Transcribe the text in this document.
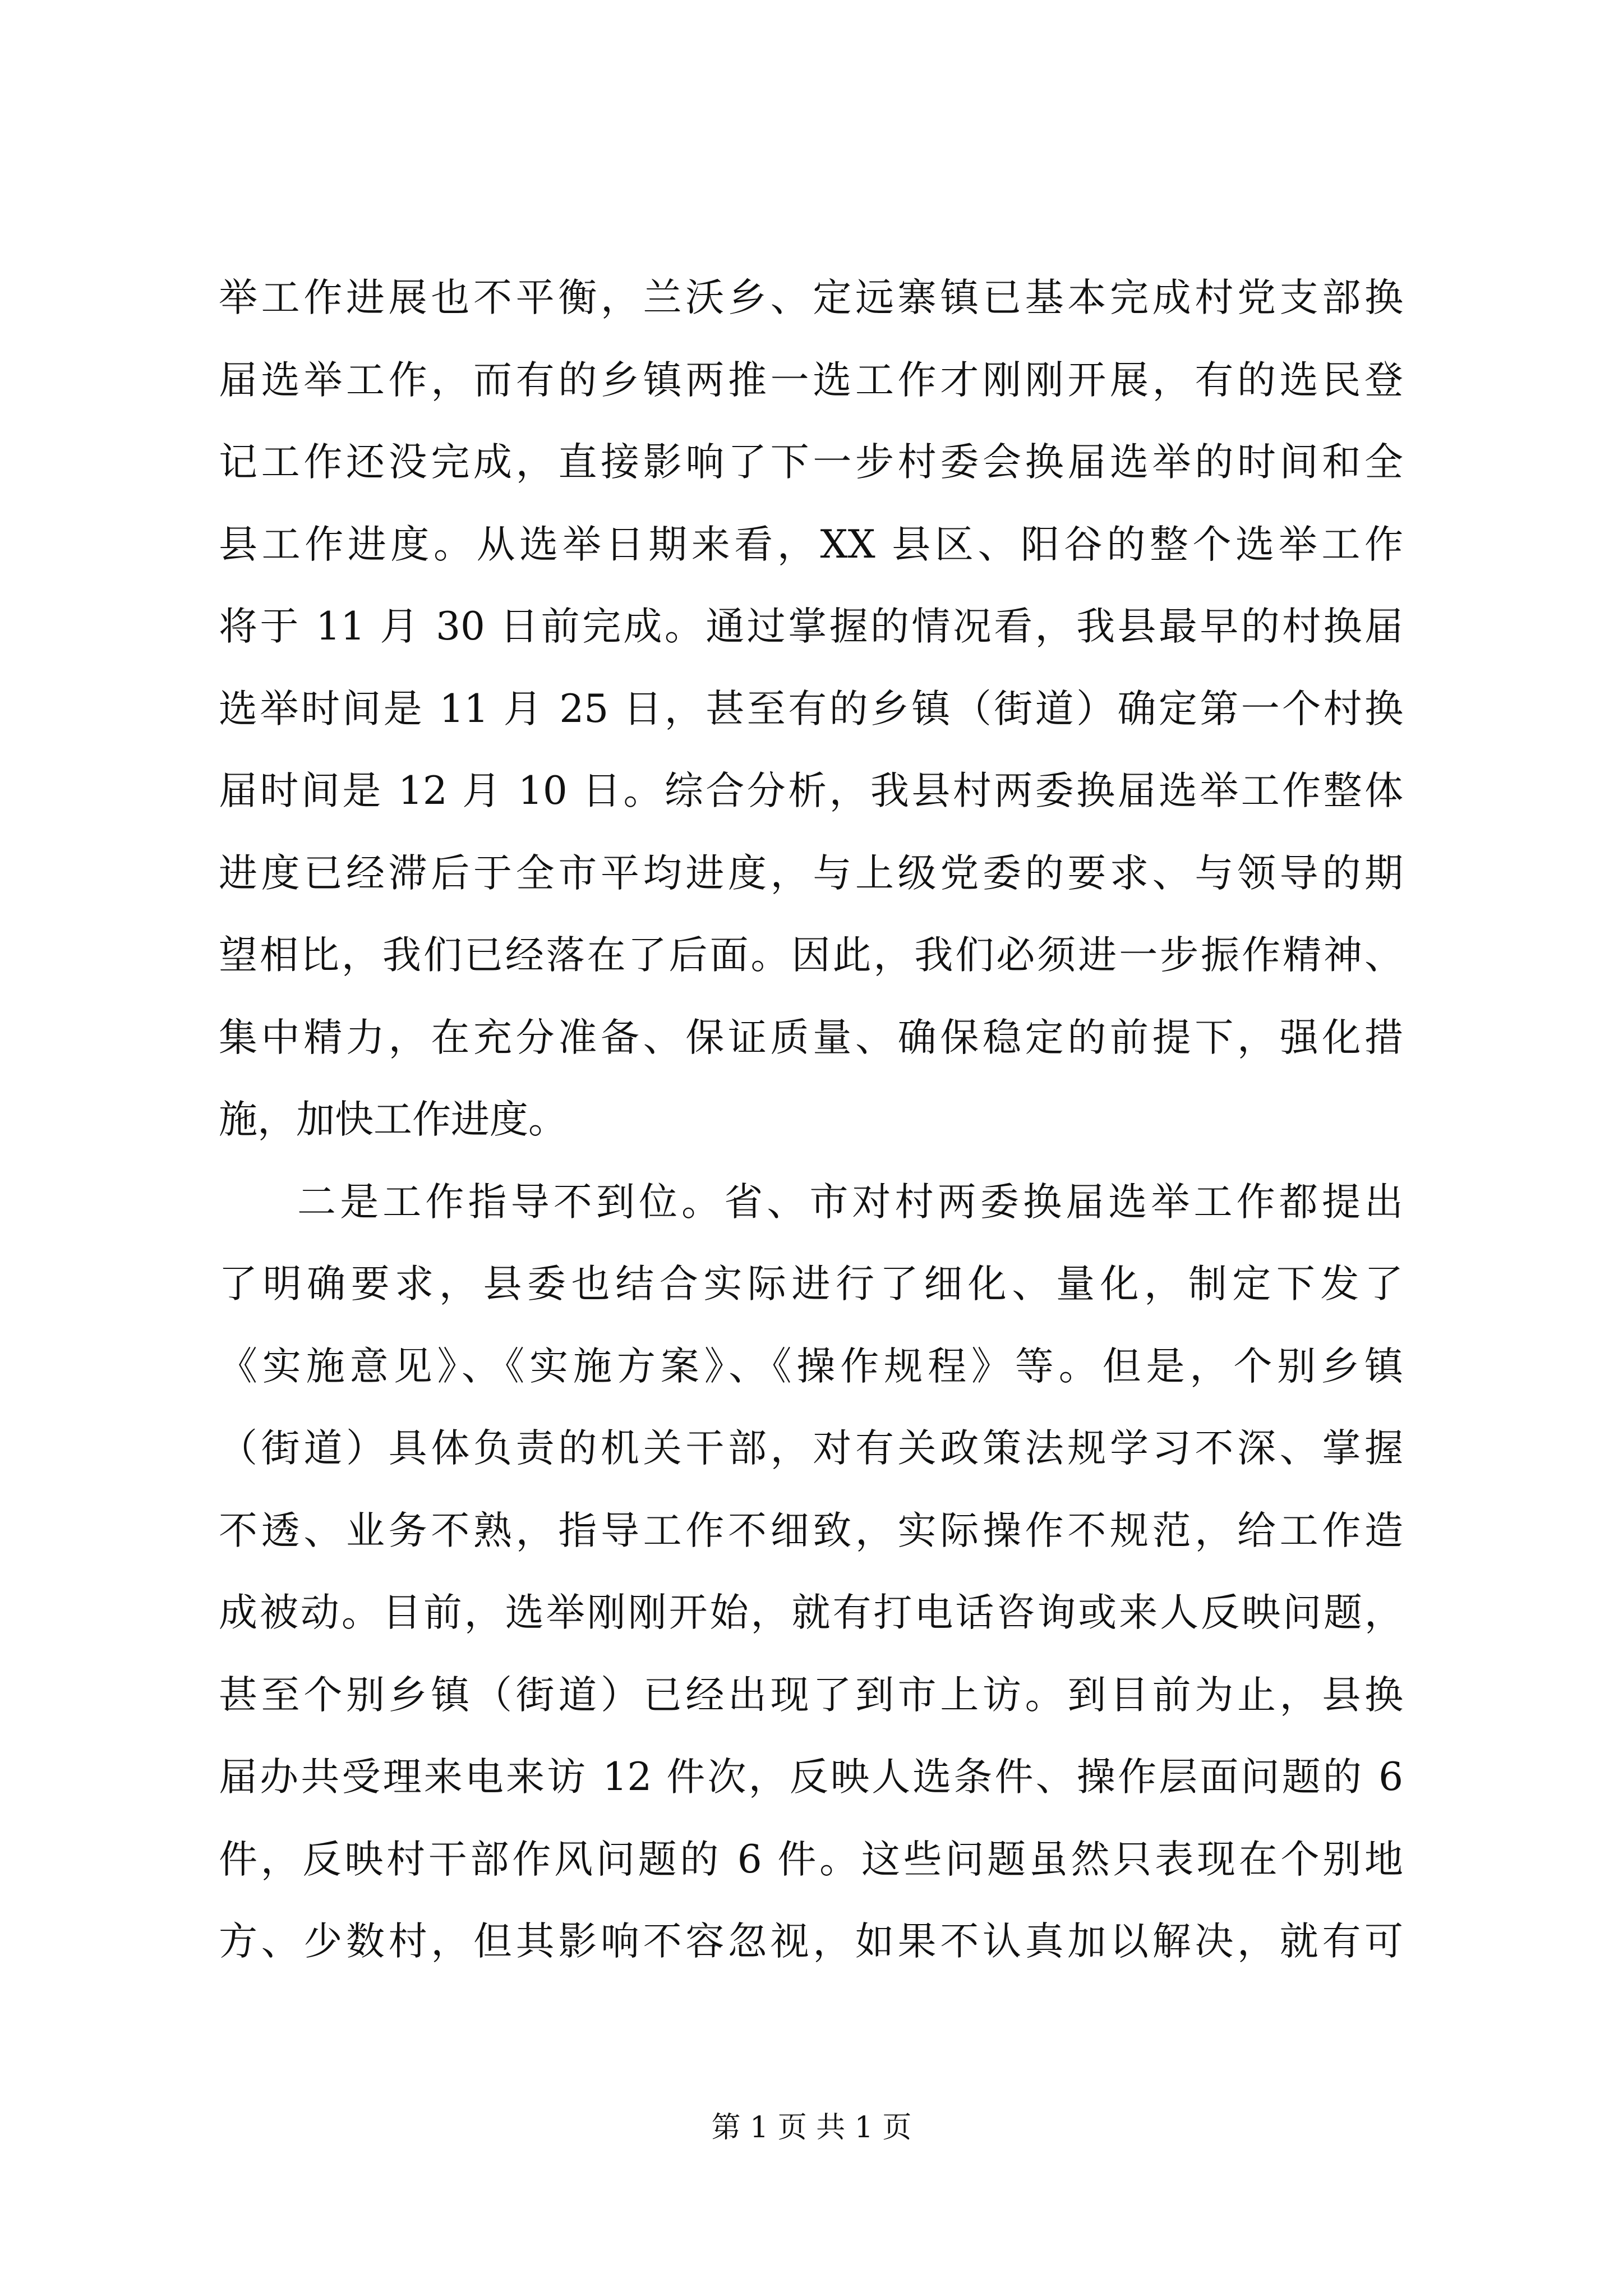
举工作进展也不平衡，兰沃乡、定远寨镇已基本完成村党支部换
届选举工作，而有的乡镇两推一选工作才刚刚开展，有的选民登
记工作还没完成，直接影响了下一步村委会换届选举的时间和全
县工作进度。从选举日期来看，XX 县区、阳谷的整个选举工作
将于 11 月 30 日前完成。通过掌握的情况看，我县最早的村换届
选举时间是 11 月 25 日，甚至有的乡镇（街道）确定第一个村换
届时间是 12 月 10 日。综合分析，我县村两委换届选举工作整体
进度已经滞后于全市平均进度，与上级党委的要求、与领导的期
望相比，我们已经落在了后面。因此，我们必须进一步振作精神、
集中精力，在充分准备、保证质量、确保稳定的前提下，强化措
施，加快工作进度。
二是工作指导不到位。省、市对村两委换届选举工作都提出
了明确要求，县委也结合实际进行了细化、量化，制定下发了
《实施意见》、《实施方案》、《操作规程》等。但是，个别乡镇
（街道）具体负责的机关干部，对有关政策法规学习不深、掌握
不透、业务不熟，指导工作不细致，实际操作不规范，给工作造
成被动。目前，选举刚刚开始，就有打电话咨询或来人反映问题，
甚至个别乡镇（街道）已经出现了到市上访。到目前为止，县换
届办共受理来电来访 12 件次，反映人选条件、操作层面问题的 6
件，反映村干部作风问题的 6 件。这些问题虽然只表现在个别地
方、少数村，但其影响不容忽视，如果不认真加以解决，就有可
第 1 页 共 1 页
